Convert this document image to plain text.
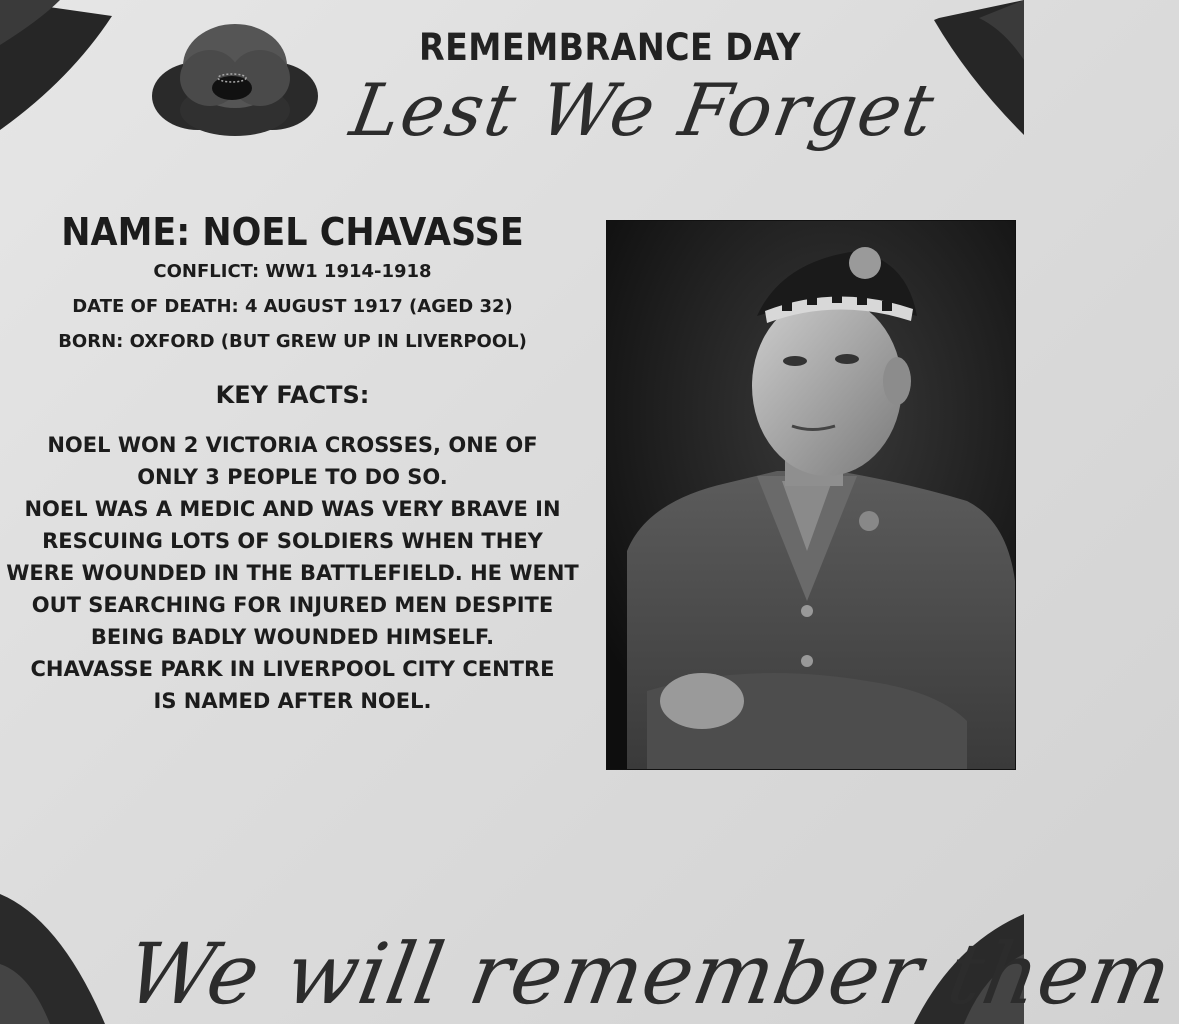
REMEMBRANCE DAY
Lest We Forget

NAME: NOEL CHAVASSE

CONFLICT: WW1 1914-1918

DATE OF DEATH: 4 AUGUST 1917 (AGED 32)

BORN: OXFORD (BUT GREW UP IN LIVERPOOL)

KEY FACTS:

NOEL WON 2 VICTORIA CROSSES, ONE OF

ONLY 3 PEOPLE TO DO SO.

NOEL WAS A MEDIC AND WAS VERY BRAVE IN

RESCUING LOTS OF SOLDIERS WHEN THEY

WERE WOUNDED IN THE BATTLEFIELD. HE WENT

OUT SEARCHING FOR INJURED MEN DESPITE

BEING BADLY WOUNDED HIMSELF.

CHAVASSE PARK IN LIVERPOOL CITY CENTRE

IS NAMED AFTER NOEL.

We will remember them
